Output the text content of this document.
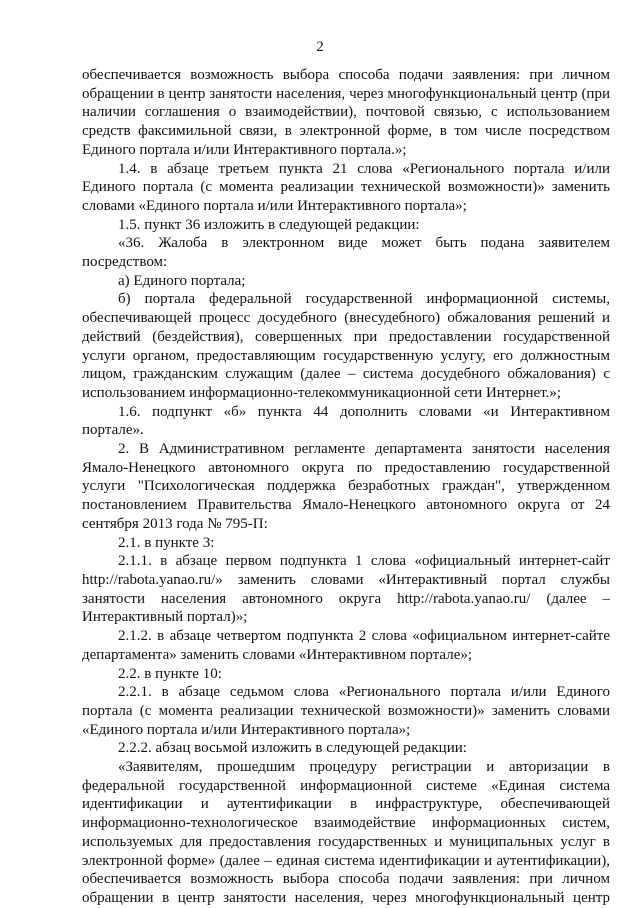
2

обеспечивается возможность выбора способа подачи заявления: при личном обращении в центр занятости населения, через многофункциональный центр (при наличии соглашения о взаимодействии), почтовой связью, с использованием средств факсимильной связи, в электронной форме, в том числе посредством Единого портала и/или Интерактивного портала.»;

1.4. в абзаце третьем пункта 21 слова «Регионального портала и/или Единого портала (с момента реализации технической возможности)» заменить словами «Единого портала и/или Интерактивного портала»;

1.5. пункт 36 изложить в следующей редакции:

«36. Жалоба в электронном виде может быть подана заявителем посредством:

а) Единого портала;

б) портала федеральной государственной информационной системы, обеспечивающей процесс досудебного (внесудебного) обжалования решений и действий (бездействия), совершенных при предоставлении государственной услуги органом, предоставляющим государственную услугу, его должностным лицом, гражданским служащим (далее – система досудебного обжалования) с использованием информационно-телекоммуникационной сети Интернет.»;

1.6. подпункт «б» пункта 44 дополнить словами «и Интерактивном портале».

2. В Административном регламенте департамента занятости населения Ямало-Ненецкого автономного округа по предоставлению государственной услуги "Психологическая поддержка безработных граждан", утвержденном постановлением Правительства Ямало-Ненецкого автономного округа от 24 сентября 2013 года № 795-П:

2.1. в пункте 3:

2.1.1. в абзаце первом подпункта 1 слова «официальный интернет-сайт http://rabota.yanao.ru/» заменить словами «Интерактивный портал службы занятости населения автономного округа http://rabota.yanao.ru/ (далее – Интерактивный портал)»;

2.1.2. в абзаце четвертом подпункта 2 слова «официальном интернет-сайте департамента» заменить словами «Интерактивном портале»;

2.2. в пункте 10:

2.2.1. в абзаце седьмом слова «Регионального портала и/или Единого портала (с момента реализации технической возможности)» заменить словами «Единого портала и/или Интерактивного портала»;

2.2.2. абзац восьмой изложить в следующей редакции:

«Заявителям, прошедшим процедуру регистрации и авторизации в федеральной государственной информационной системе «Единая система идентификации и аутентификации в инфраструктуре, обеспечивающей информационно-технологическое взаимодействие информационных систем, используемых для предоставления государственных и муниципальных услуг в электронной форме» (далее – единая система идентификации и аутентификации), обеспечивается возможность выбора способа подачи заявления: при личном обращении в центр занятости населения, через многофункциональный центр
